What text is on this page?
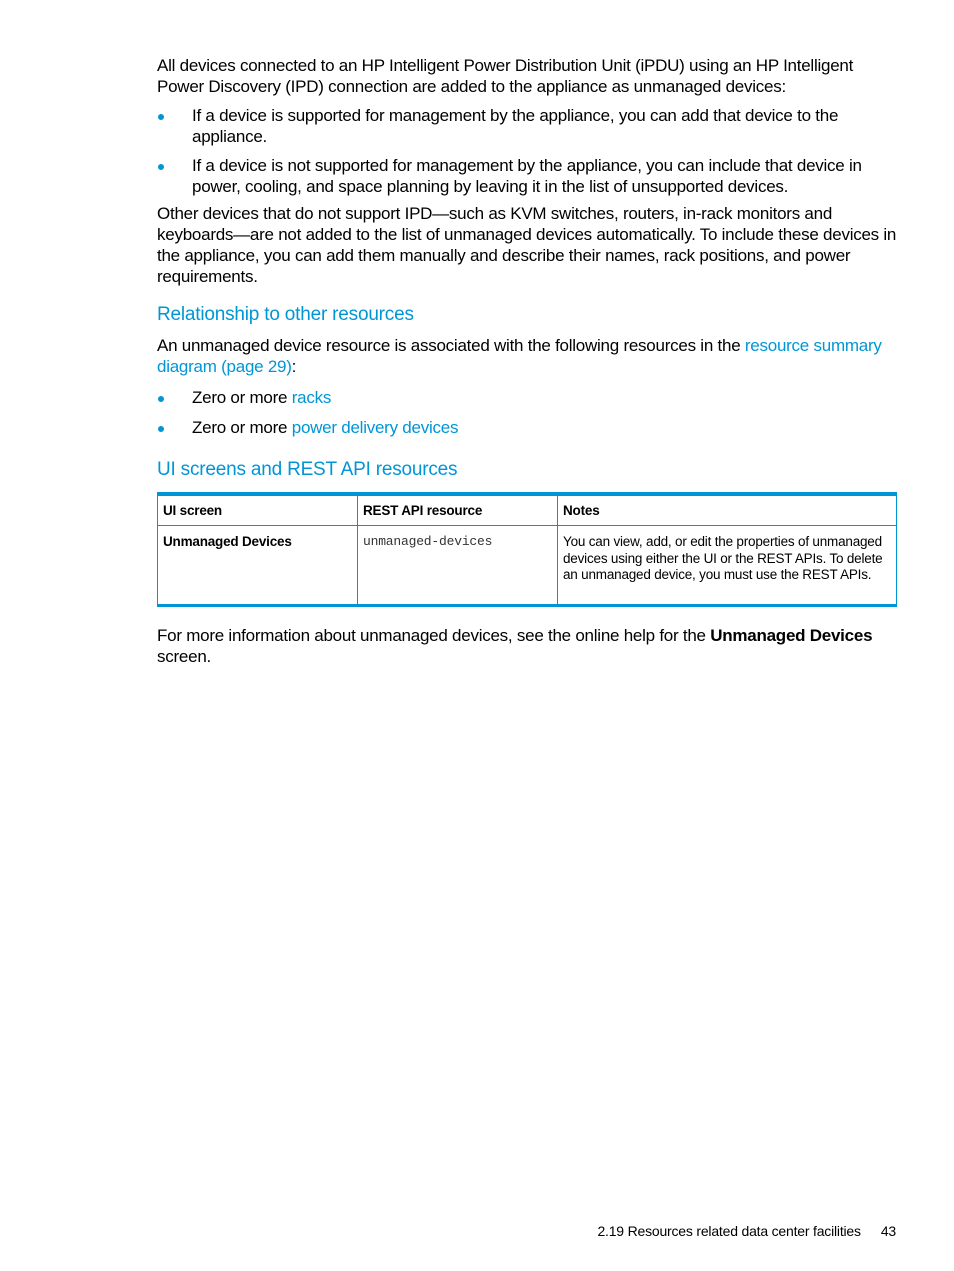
All devices connected to an HP Intelligent Power Distribution Unit (iPDU) using an HP Intelligent Power Discovery (IPD) connection are added to the appliance as unmanaged devices:

If a device is supported for management by the appliance, you can add that device to the appliance.
If a device is not supported for management by the appliance, you can include that device in power, cooling, and space planning by leaving it in the list of unsupported devices.

Other devices that do not support IPD—such as KVM switches, routers, in-rack monitors and keyboards—are not added to the list of unmanaged devices automatically. To include these devices in the appliance, you can add them manually and describe their names, rack positions, and power requirements.

Relationship to other resources

An unmanaged device resource is associated with the following resources in the resource summary diagram (page 29):

Zero or more racks
Zero or more power delivery devices
UI screens and REST API resources
UI screen	REST API resource	Notes
Unmanaged Devices	unmanaged-devices	You can view, add, or edit the properties of unmanaged devices using either the UI or the REST APIs. To delete an unmanaged device, you must use the REST APIs.

For more information about unmanaged devices, see the online help for the Unmanaged Devices screen.

2.19 Resources related data center facilities 43
